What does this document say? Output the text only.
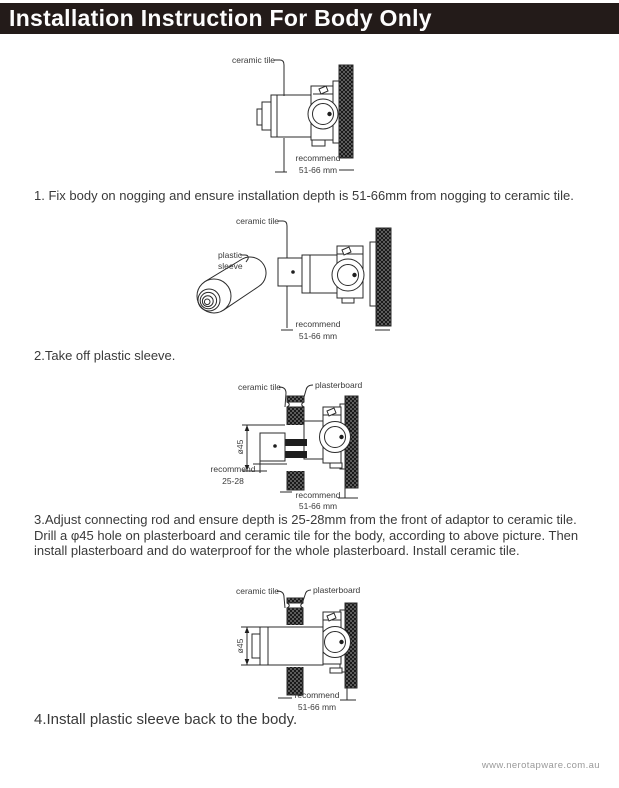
Installation Instruction For Body Only
ceramic tile
recommend
51-66 mm
1. Fix body on nogging and ensure installation depth is 51-66mm from nogging to ceramic tile.
ceramic tile
plastic
sleeve
recommend
51-66 mm
2.Take off plastic sleeve.
ceramic tile	plasterboard
ø45
recommend
25-28
recommend
51-66 mm

3.Adjust connecting rod and ensure depth is 25-28mm from the front of adaptor to ceramic tile.

Drill a φ45 hole on plasterboard and ceramic tile for the body, according to above picture. Then install plasterboard and do waterproof for the whole plasterboard. Install ceramic tile.

ceramic tile	plasterboard
ø45
recommend
51-66 mm
4.Install plastic sleeve back to the body.
www.nerotapware.com.au
